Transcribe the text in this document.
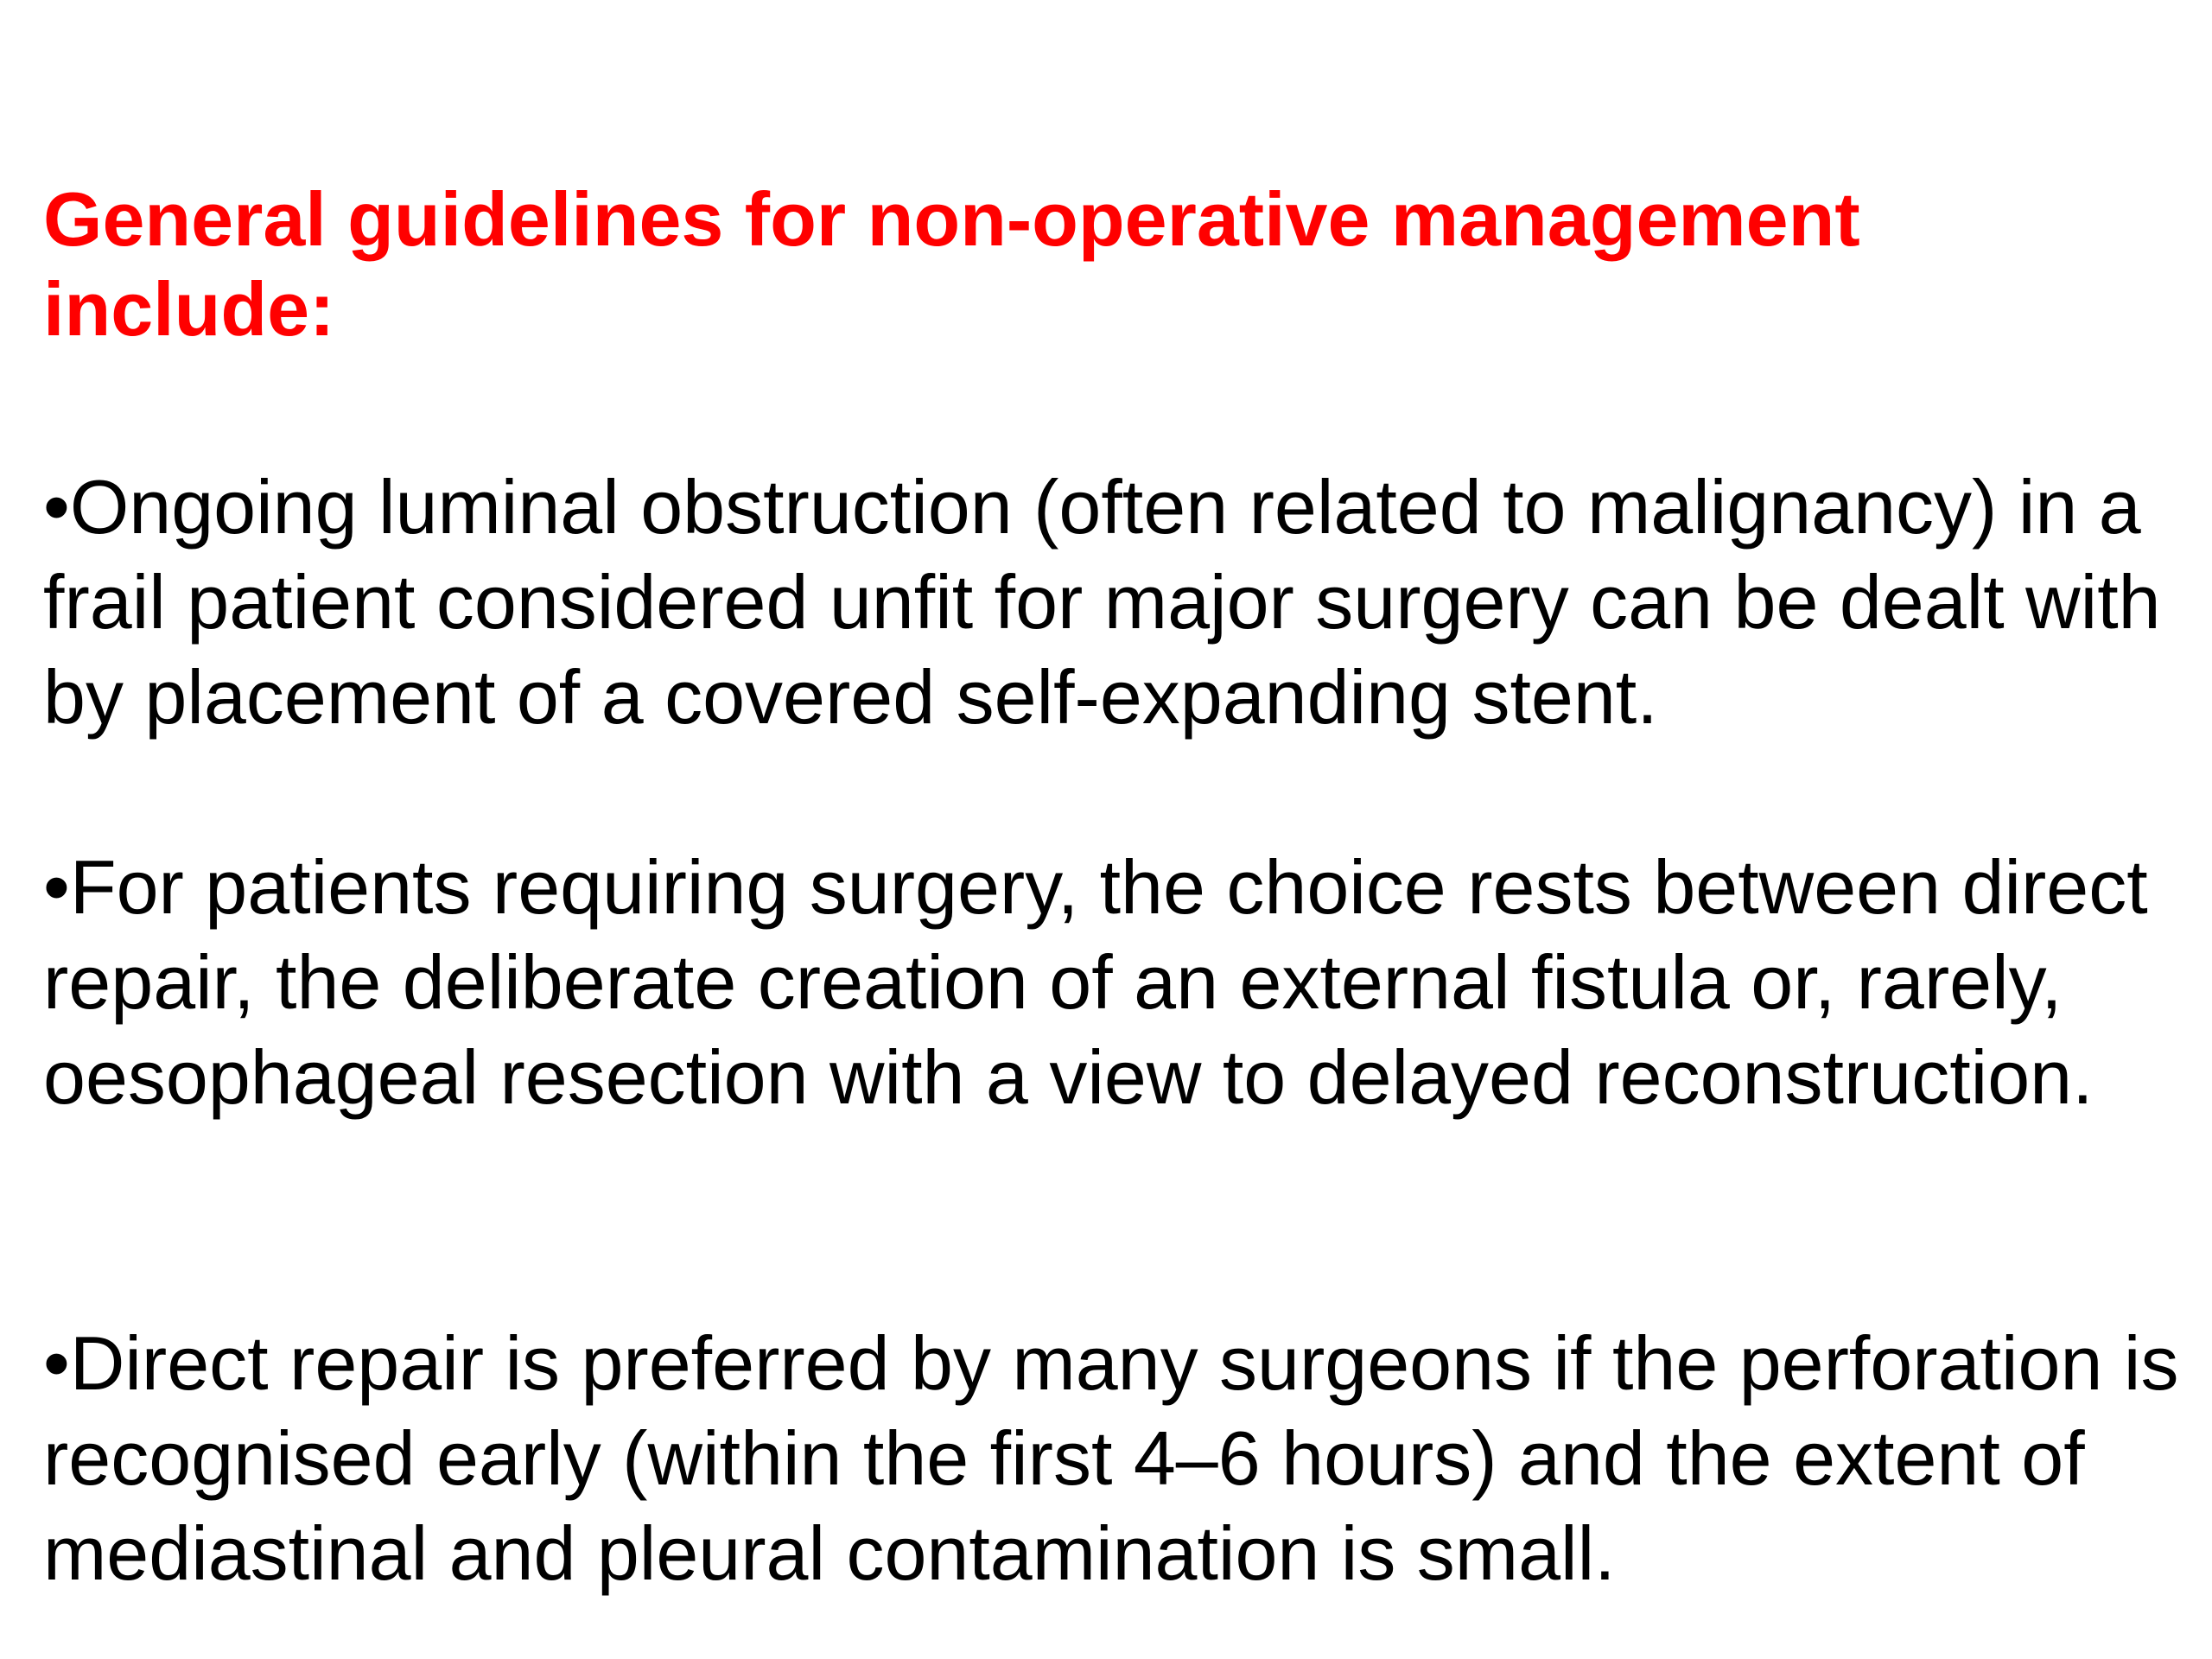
General guidelines for non-operative management include:

•Ongoing luminal obstruction (often related to malignancy) in a frail patient considered unfit for major surgery can be dealt with by placement of a covered self-expanding stent.

•For patients requiring surgery, the choice rests between direct repair, the deliberate creation of an external fistula or, rarely, oesophageal resection with a view to delayed reconstruction.

•Direct repair is preferred by many surgeons if the perforation is recognised early (within the first 4–6 hours) and the extent of mediastinal and pleural contamination is small.
